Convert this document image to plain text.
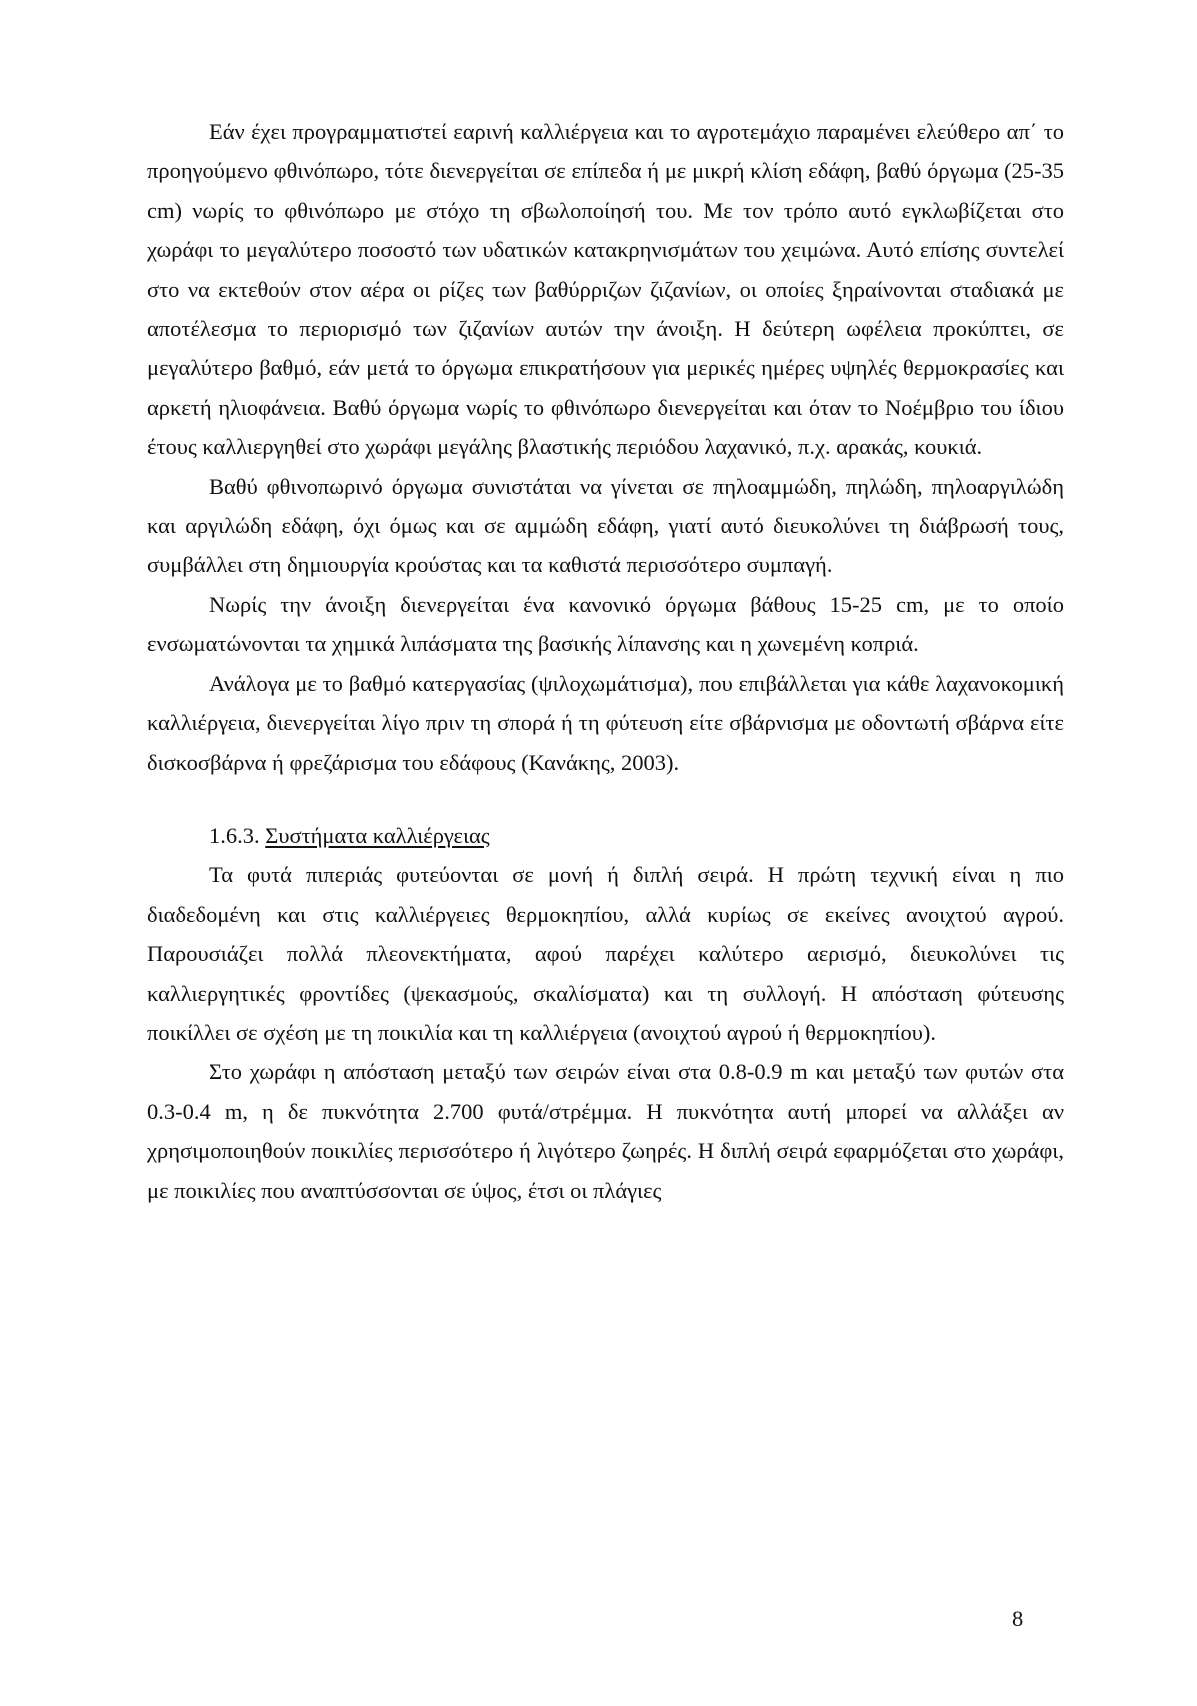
Εάν έχει προγραμματιστεί εαρινή καλλιέργεια και το αγροτεμάχιο παραμένει ελεύθερο απ΄ το προηγούμενο φθινόπωρο, τότε διενεργείται σε επίπεδα ή με μικρή κλίση εδάφη, βαθύ όργωμα (25-35 cm) νωρίς το φθινόπωρο με στόχο τη σβωλοποίησή του. Με τον τρόπο αυτό εγκλωβίζεται στο χωράφι το μεγαλύτερο ποσοστό των υδατικών κατακρηνισμάτων του χειμώνα. Αυτό επίσης συντελεί στο να εκτεθούν στον αέρα οι ρίζες των βαθύρριζων ζιζανίων, οι οποίες ξηραίνονται σταδιακά με αποτέλεσμα το περιορισμό των ζιζανίων αυτών την άνοιξη. Η δεύτερη ωφέλεια προκύπτει, σε μεγαλύτερο βαθμό, εάν μετά το όργωμα επικρατήσουν για μερικές ημέρες υψηλές θερμοκρασίες και αρκετή ηλιοφάνεια. Βαθύ όργωμα νωρίς το φθινόπωρο διενεργείται και όταν το Νοέμβριο του ίδιου έτους καλλιεργηθεί στο χωράφι μεγάλης βλαστικής περιόδου λαχανικό, π.χ. αρακάς, κουκιά.

Βαθύ φθινοπωρινό όργωμα συνιστάται να γίνεται σε πηλοαμμώδη, πηλώδη, πηλοαργιλώδη και αργιλώδη εδάφη, όχι όμως και σε αμμώδη εδάφη, γιατί αυτό διευκολύνει τη διάβρωσή τους, συμβάλλει στη δημιουργία κρούστας και τα καθιστά περισσότερο συμπαγή.

Νωρίς την άνοιξη διενεργείται ένα κανονικό όργωμα βάθους 15-25 cm, με το οποίο ενσωματώνονται τα χημικά λιπάσματα της βασικής λίπανσης και η χωνεμένη κοπριά.

Ανάλογα με το βαθμό κατεργασίας (ψιλοχωμάτισμα), που επιβάλλεται για κάθε λαχανοκομική καλλιέργεια, διενεργείται λίγο πριν τη σπορά ή τη φύτευση είτε σβάρνισμα με οδοντωτή σβάρνα είτε δισκοσβάρνα ή φρεζάρισμα του εδάφους (Κανάκης, 2003).

1.6.3. Συστήματα καλλιέργειας

Τα φυτά πιπεριάς φυτεύονται σε μονή ή διπλή σειρά. Η πρώτη τεχνική είναι η πιο διαδεδομένη και στις καλλιέργειες θερμοκηπίου, αλλά κυρίως σε εκείνες ανοιχτού αγρού. Παρουσιάζει πολλά πλεονεκτήματα, αφού παρέχει καλύτερο αερισμό, διευκολύνει τις καλλιεργητικές φροντίδες (ψεκασμούς, σκαλίσματα) και τη συλλογή. Η απόσταση φύτευσης ποικίλλει σε σχέση με τη ποικιλία και τη καλλιέργεια (ανοιχτού αγρού ή θερμοκηπίου).

Στο χωράφι η απόσταση μεταξύ των σειρών είναι στα 0.8-0.9 m και μεταξύ των φυτών στα 0.3-0.4 m, η δε πυκνότητα 2.700 φυτά/στρέμμα. Η πυκνότητα αυτή μπορεί να αλλάξει αν χρησιμοποιηθούν ποικιλίες περισσότερο ή λιγότερο ζωηρές. Η διπλή σειρά εφαρμόζεται στο χωράφι, με ποικιλίες που αναπτύσσονται σε ύψος, έτσι οι πλάγιες

8
